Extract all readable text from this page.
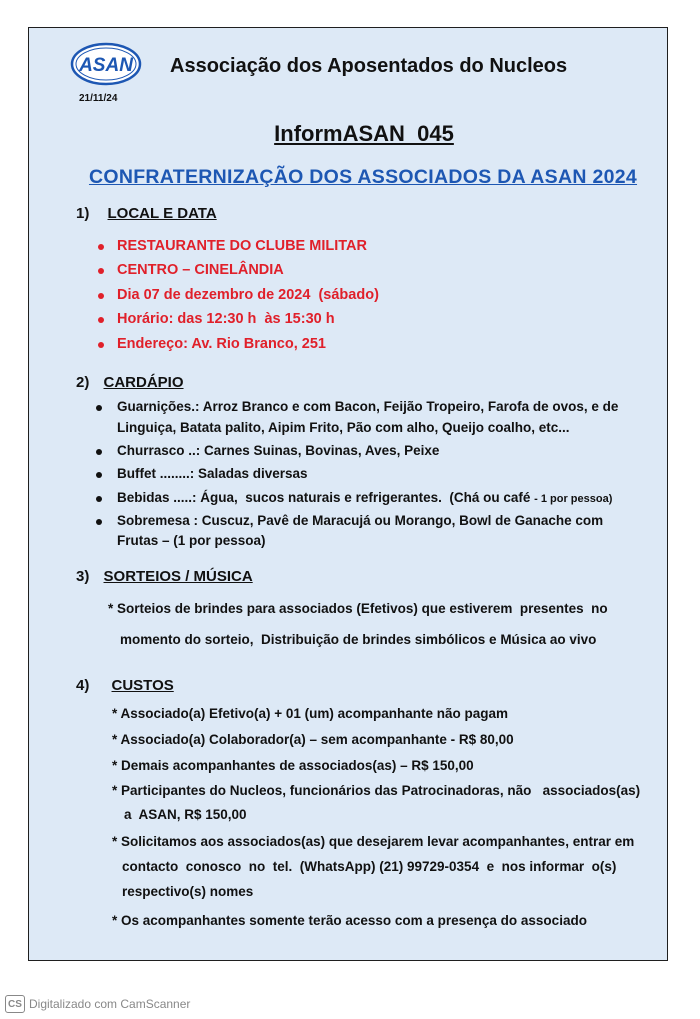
ASAN
21/11/24
Associação dos Aposentados do Nucleos
InformASAN  045
CONFRATERNIZAÇÃO DOS ASSOCIADOS DA ASAN 2024
1) LOCAL E DATA
RESTAURANTE DO CLUBE MILITAR
CENTRO – CINELÂNDIA
Dia 07 de dezembro de 2024  (sábado)
Horário: das 12:30 h  às 15:30 h
Endereço: Av. Rio Branco, 251
2) CARDÁPIO
Guarnições.: Arroz Branco e com Bacon, Feijão Tropeiro, Farofa de ovos, e de
Linguiça, Batata palito, Aipim Frito, Pão com alho, Queijo coalho, etc...
Churrasco ..: Carnes Suinas, Bovinas, Aves, Peixe
Buffet ........: Saladas diversas
Bebidas .....: Água,  sucos naturais e refrigerantes.  (Chá ou café - 1 por pessoa)
Sobremesa : Cuscuz, Pavê de Maracujá ou Morango, Bowl de Ganache com
Frutas – (1 por pessoa)
3) SORTEIOS / MÚSICA
* Sorteios de brindes para associados (Efetivos) que estiverem  presentes  no
momento do sorteio,  Distribuição de brindes simbólicos e Música ao vivo
4) CUSTOS
* Associado(a) Efetivo(a) + 01 (um) acompanhante não pagam
* Associado(a) Colaborador(a) – sem acompanhante - R$ 80,00
* Demais acompanhantes de associados(as) – R$ 150,00
* Participantes do Nucleos, funcionários das Patrocinadoras, não   associados(as)
a  ASAN, R$ 150,00
* Solicitamos aos associados(as) que desejarem levar acompanhantes, entrar em
contacto  conosco  no  tel.  (WhatsApp) (21) 99729-0354  e  nos informar  o(s)
respectivo(s) nomes
* Os acompanhantes somente terão acesso com a presença do associado
CS Digitalizado com CamScanner
